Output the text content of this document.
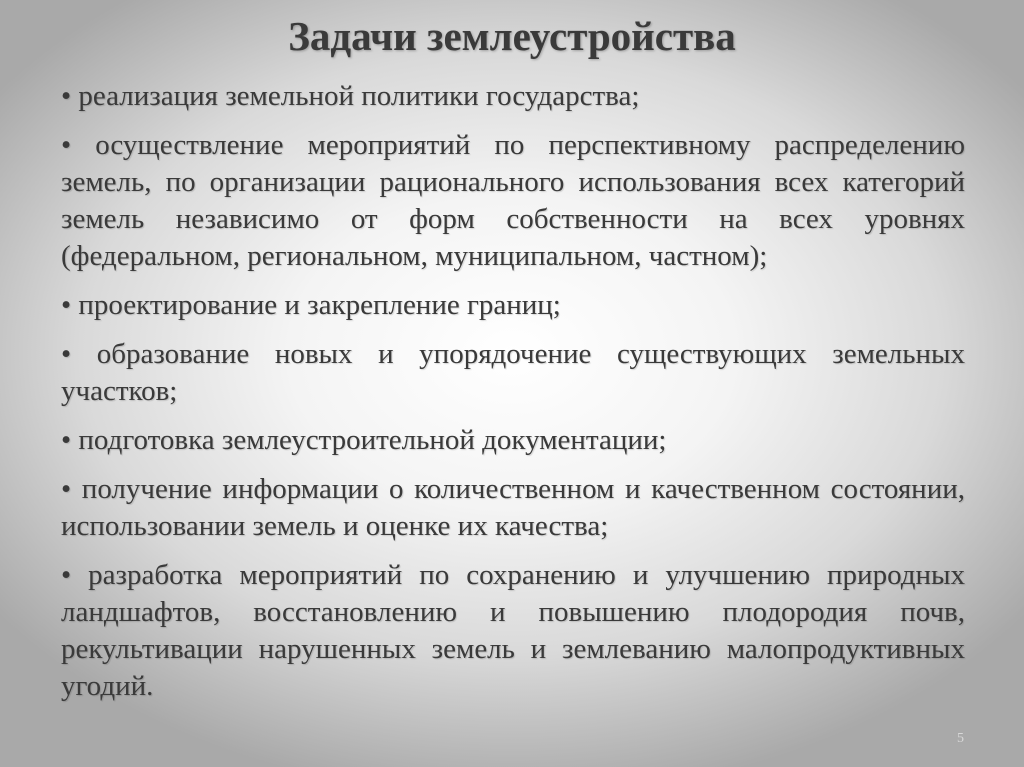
Задачи землеустройства

• реализация земельной политики государства;

• осуществление мероприятий по перспективному распределению земель, по организации рационального использования всех категорий земель независимо от форм собственности на всех уровнях (федеральном, региональном, муниципальном, частном);

• проектирование и закрепление границ;

• образование новых и упорядочение существующих земельных участков;

• подготовка землеустроительной документации;

• получение информации о количественном и качественном состоянии, использовании земель и оценке их качества;

• разработка мероприятий по сохранению и улучшению природных ландшафтов, восстановлению и повышению плодородия почв, рекультивации нарушенных земель и землеванию малопродуктивных угодий.

5
